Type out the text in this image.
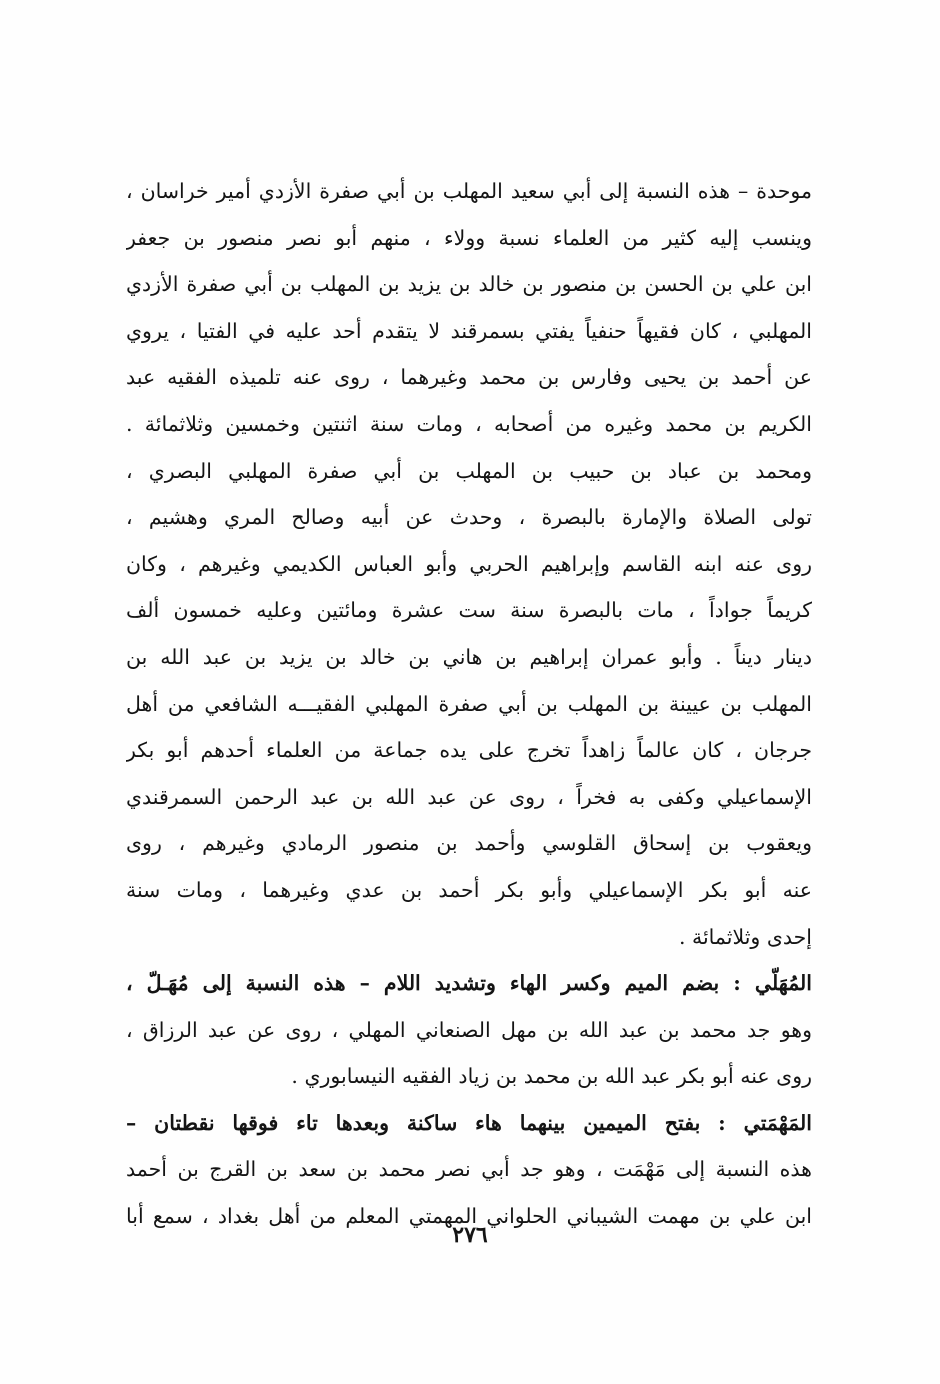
موحدة – هذه النسبة إلى أبي سعيد المهلب بن أبي صفرة الأزدي أمير خراسان ،
وينسب إليه كثير من العلماء نسبة وولاء ، منهم أبو نصر منصور بن جعفر
ابن علي بن الحسن بن منصور بن خالد بن يزيد بن المهلب بن أبي صفرة الأزدي
المهلبي ، كان فقيهاً حنفياً يفتي بسمرقند لا يتقدم أحد عليه في الفتيا ، يروي
عن أحمد بن يحيى وفارس بن محمد وغيرهما ، روى عنه تلميذه الفقيه عبد
الكريم بن محمد وغيره من أصحابه ، ومات سنة اثنتين وخمسين وثلاثمائة .
ومحمد بن عباد بن حبيب بن المهلب بن أبي صفرة المهلبي البصري ،
تولى الصلاة والإمارة بالبصرة ، وحدث عن أبيه وصالح المري وهشيم ،
روى عنه ابنه القاسم وإبراهيم الحربي وأبو العباس الكديمي وغيرهم ، وكان
كريماً جواداً ، مات بالبصرة سنة ست عشرة ومائتين وعليه خمسون ألف
دينار ديناً . وأبو عمران إبراهيم بن هاني بن خالد بن يزيد بن عبد الله بن
المهلب بن عيينة بن المهلب بن أبي صفرة المهلبي الفقيـــه الشافعي من أهل
جرجان ، كان عالماً زاهداً تخرج على يده جماعة من العلماء أحدهم أبو بكر
الإسماعيلي وكفى به فخراً ، روى عن عبد الله بن عبد الرحمن السمرقندي
ويعقوب بن إسحاق القلوسي وأحمد بن منصور الرمادي وغيرهم ، روى
عنه أبو بكر الإسماعيلي وأبو بكر أحمد بن عدي وغيرهما ، ومات سنة
إحدى وثلاثمائة .
المُهَلّي : بضم الميم وكسر الهاء وتشديد اللام – هذه النسبة إلى مُهَـلّ ،
وهو جد محمد بن عبد الله بن مهل الصنعاني المهلي ، روى عن عبد الرزاق ،
روى عنه أبو بكر عبد الله بن محمد بن زياد الفقيه النيسابوري .
المَهْمَتي : بفتح الميمين بينهما هاء ساكنة وبعدها تاء فوقها نقطتان –
هذه النسبة إلى مَهْمَت ، وهو جد أبي نصر محمد بن سعد بن القرج بن أحمد
ابن علي بن مهمت الشيباني الحلواني المهمتي المعلم من أهل بغداد ، سمع أبا
٢٧٦
